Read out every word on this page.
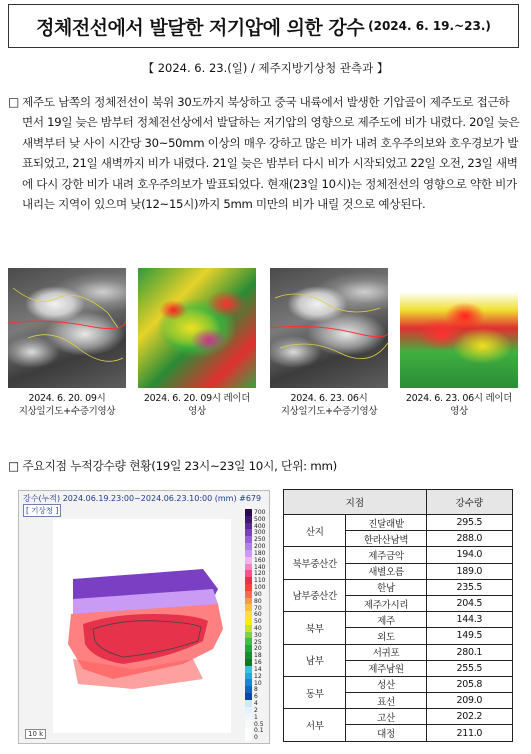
정체전선에서 발달한 저기압에 의한 강수 (2024. 6. 19.~23.)
【 2024. 6. 23.(일) / 제주지방기상청 관측과 】
□ 제주도 남쪽의 정체전선이 북위 30도까지 북상하고 중국 내륙에서 발생한 기압골이 제주도로 접근하면서 19일 늦은 밤부터 정체전선상에서 발달하는 저기압의 영향으로 제주도에 비가 내렸다. 20일 늦은 새벽부터 낮 사이 시간당 30~50mm 이상의 매우 강하고 많은 비가 내려 호우주의보와 호우경보가 발표되었고, 21일 새벽까지 비가 내렸다. 21일 늦은 밤부터 다시 비가 시작되었고 22일 오전, 23일 새벽에 다시 강한 비가 내려 호우주의보가 발표되었다. 현재(23일 10시)는 정체전선의 영향으로 약한 비가 내리는 지역이 있으며 낮(12~15시)까지 5mm 미만의 비가 내릴 것으로 예상된다.
2024. 6. 20. 09시
지상일기도+수증기영상
2024. 6. 20. 09시 레이더
영상
2024. 6. 23. 06시
지상일기도+수증기영상
2024. 6. 23. 06시 레이더
영상
□ 주요지점 누적강수량 현황(19일 23시~23일 10시, 단위: mm)
강수(누적) 2024.06.19.23:00~2024.06.23.10:00 (mm) #679
[ 기상청 ]
10 k
700
500
400
300
250
200
180
160
140
120
110
100
90
80
70
60
50
40
30
25
20
18
16
14
12
10
8
6
4
2
1
0.5
0.1
0
지점		강수량
산지	진달래밭	295.5
	한라산남벽	288.0
북부중산간	제주금악	194.0
	새별오름	189.0
남부중산간	한남	235.5
	제주가시리	204.5
북부	제주	144.3
	외도	149.5
남부	서귀포	280.1
	제주남원	255.5
동부	성산	205.8
	표선	209.0
서부	고산	202.2
	대정	211.0
